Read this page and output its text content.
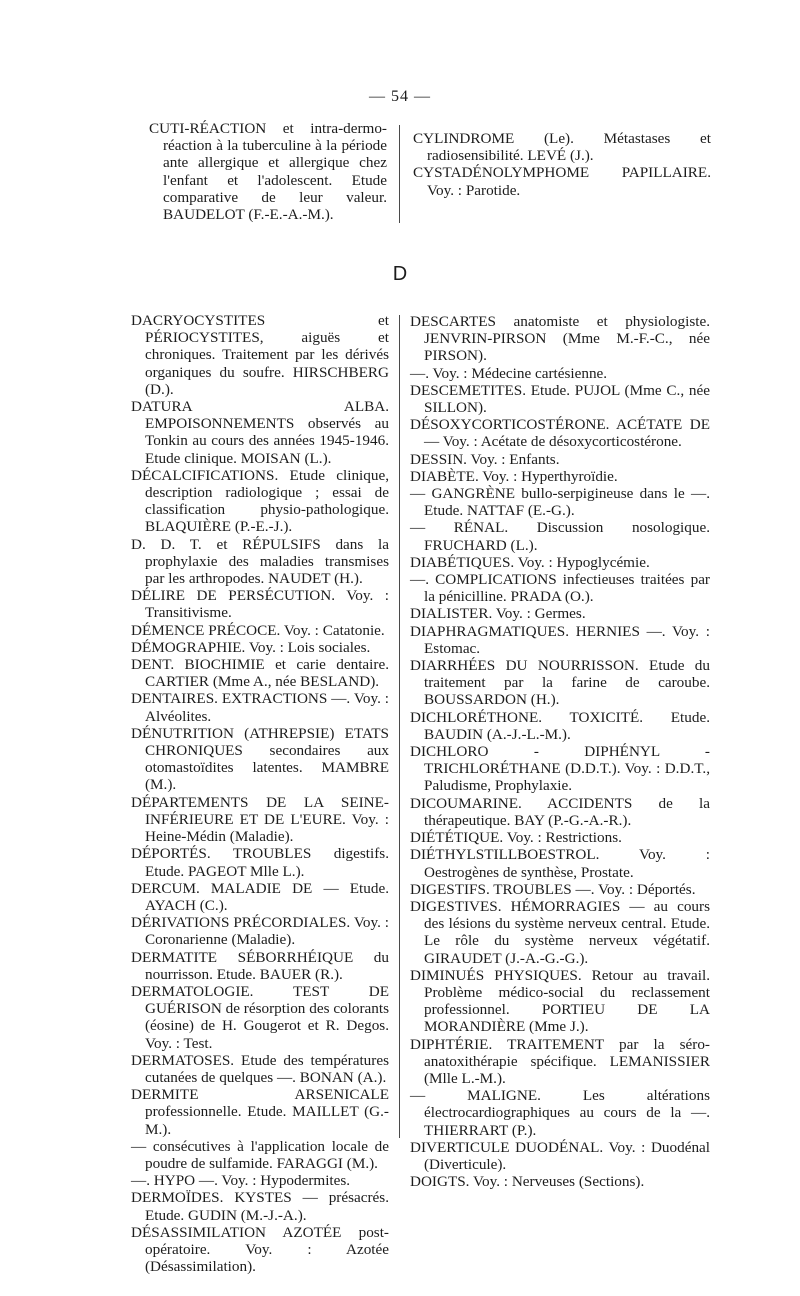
— 54 —
CUTI-RÉACTION et intra-dermo-réaction à la tuberculine à la période ante allergique et allergique chez l'enfant et l'adolescent. Etude comparative de leur valeur. BAUDELOT (F.-E.-A.-M.).
CYLINDROME (Le). Métastases et radiosensibilité. LEVÉ (J.).
CYSTADÉNOLYMPHOME PAPILLAIRE. Voy. : Parotide.
D
DACRYOCYSTITES et PÉRIOCYSTITES, aiguës et chroniques. Traitement par les dérivés organiques du soufre. HIRSCHBERG (D.).
DATURA ALBA. EMPOISONNEMENTS observés au Tonkin au cours des années 1945-1946. Etude clinique. MOISAN (L.).
DÉCALCIFICATIONS. Etude clinique, description radiologique ; essai de classification physio-pathologique. BLAQUIÈRE (P.-E.-J.).
D. D. T. et RÉPULSIFS dans la prophylaxie des maladies transmises par les arthropodes. NAUDET (H.).
DÉLIRE DE PERSÉCUTION. Voy. : Transitivisme.
DÉMENCE PRÉCOCE. Voy. : Catatonie.
DÉMOGRAPHIE. Voy. : Lois sociales.
DENT. BIOCHIMIE et carie dentaire. CARTIER (Mme A., née BESLAND).
DENTAIRES. EXTRACTIONS —. Voy. : Alvéolites.
DÉNUTRITION (ATHREPSIE) ETATS CHRONIQUES secondaires aux otomastoïdites latentes. MAMBRE (M.).
DÉPARTEMENTS DE LA SEINE-INFÉRIEURE ET DE L'EURE. Voy. : Heine-Médin (Maladie).
DÉPORTÉS. TROUBLES digestifs. Etude. PAGEOT Mlle L.).
DERCUM. MALADIE DE — Etude. AYACH (C.).
DÉRIVATIONS PRÉCORDIALES. Voy. : Coronarienne (Maladie).
DERMATITE SÉBORRHÉIQUE du nourrisson. Etude. BAUER (R.).
DERMATOLOGIE. TEST DE GUÉRISON de résorption des colorants (éosine) de H. Gougerot et R. Degos. Voy. : Test.
DERMATOSES. Etude des températures cutanées de quelques —. BONAN (A.).
DERMITE ARSENICALE professionnelle. Etude. MAILLET (G.-M.).
— consécutives à l'application locale de poudre de sulfamide. FARAGGI (M.).
—. HYPO —. Voy. : Hypodermites.
DERMOÏDES. KYSTES — présacrés. Etude. GUDIN (M.-J.-A.).
DÉSASSIMILATION AZOTÉE post-opératoire. Voy. : Azotée (Désassimilation).
DESCARTES anatomiste et physiologiste. JENVRIN-PIRSON (Mme M.-F.-C., née PIRSON).
—. Voy. : Médecine cartésienne.
DESCEMETITES. Etude. PUJOL (Mme C., née SILLON).
DÉSOXYCORTICOSTÉRONE. ACÉTATE DE — Voy. : Acétate de désoxycorticostérone.
DESSIN. Voy. : Enfants.
DIABÈTE. Voy. : Hyperthyroïdie.
— GANGRÈNE bullo-serpigineuse dans le —. Etude. NATTAF (E.-G.).
— RÉNAL. Discussion nosologique. FRUCHARD (L.).
DIABÉTIQUES. Voy. : Hypoglycémie.
—. COMPLICATIONS infectieuses traitées par la pénicilline. PRADA (O.).
DIALISTER. Voy. : Germes.
DIAPHRAGMATIQUES. HERNIES —. Voy. : Estomac.
DIARRHÉES DU NOURRISSON. Etude du traitement par la farine de caroube. BOUSSARDON (H.).
DICHLORÉTHONE. TOXICITÉ. Etude. BAUDIN (A.-J.-L.-M.).
DICHLORO - DIPHÉNYL - TRICHLORÉTHANE (D.D.T.). Voy. : D.D.T., Paludisme, Prophylaxie.
DICOUMARINE. ACCIDENTS de la thérapeutique. BAY (P.-G.-A.-R.).
DIÉTÉTIQUE. Voy. : Restrictions.
DIÉTHYLSTILLBOESTROL. Voy. : Oestrogènes de synthèse, Prostate.
DIGESTIFS. TROUBLES —. Voy. : Déportés.
DIGESTIVES. HÉMORRAGIES — au cours des lésions du système nerveux central. Etude. Le rôle du système nerveux végétatif. GIRAUDET (J.-A.-G.-G.).
DIMINUÉS PHYSIQUES. Retour au travail. Problème médico-social du reclassement professionnel. PORTIEU DE LA MORANDIÈRE (Mme J.).
DIPHTÉRIE. TRAITEMENT par la séro-anatoxithérapie spécifique. LEMANISSIER (Mlle L.-M.).
— MALIGNE. Les altérations électrocardiographiques au cours de la —. THIERRART (P.).
DIVERTICULE DUODÉNAL. Voy. : Duodénal (Diverticule).
DOIGTS. Voy. : Nerveuses (Sections).
